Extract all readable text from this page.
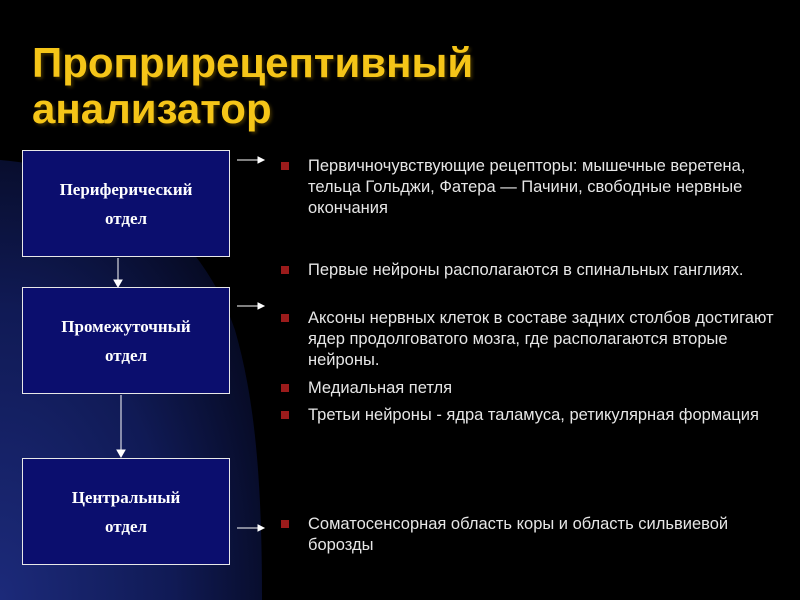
Проприрецептивный
анализатор
Периферический
отдел
Промежуточный
отдел
Центральный
отдел
Первичночувствующие рецепторы: мышечные веретена, тельца Гольджи, Фатера — Пачини, свободные нервные окончания
Первые нейроны располагаются в спинальных ганглиях.
Аксоны нервных клеток в составе задних столбов достигают ядер продолговатого мозга, где располагаются вторые нейроны.
Медиальная петля
Третьи нейроны - ядра таламуса, ретикулярная формация
Соматосенсорная область коры и область сильвиевой борозды
